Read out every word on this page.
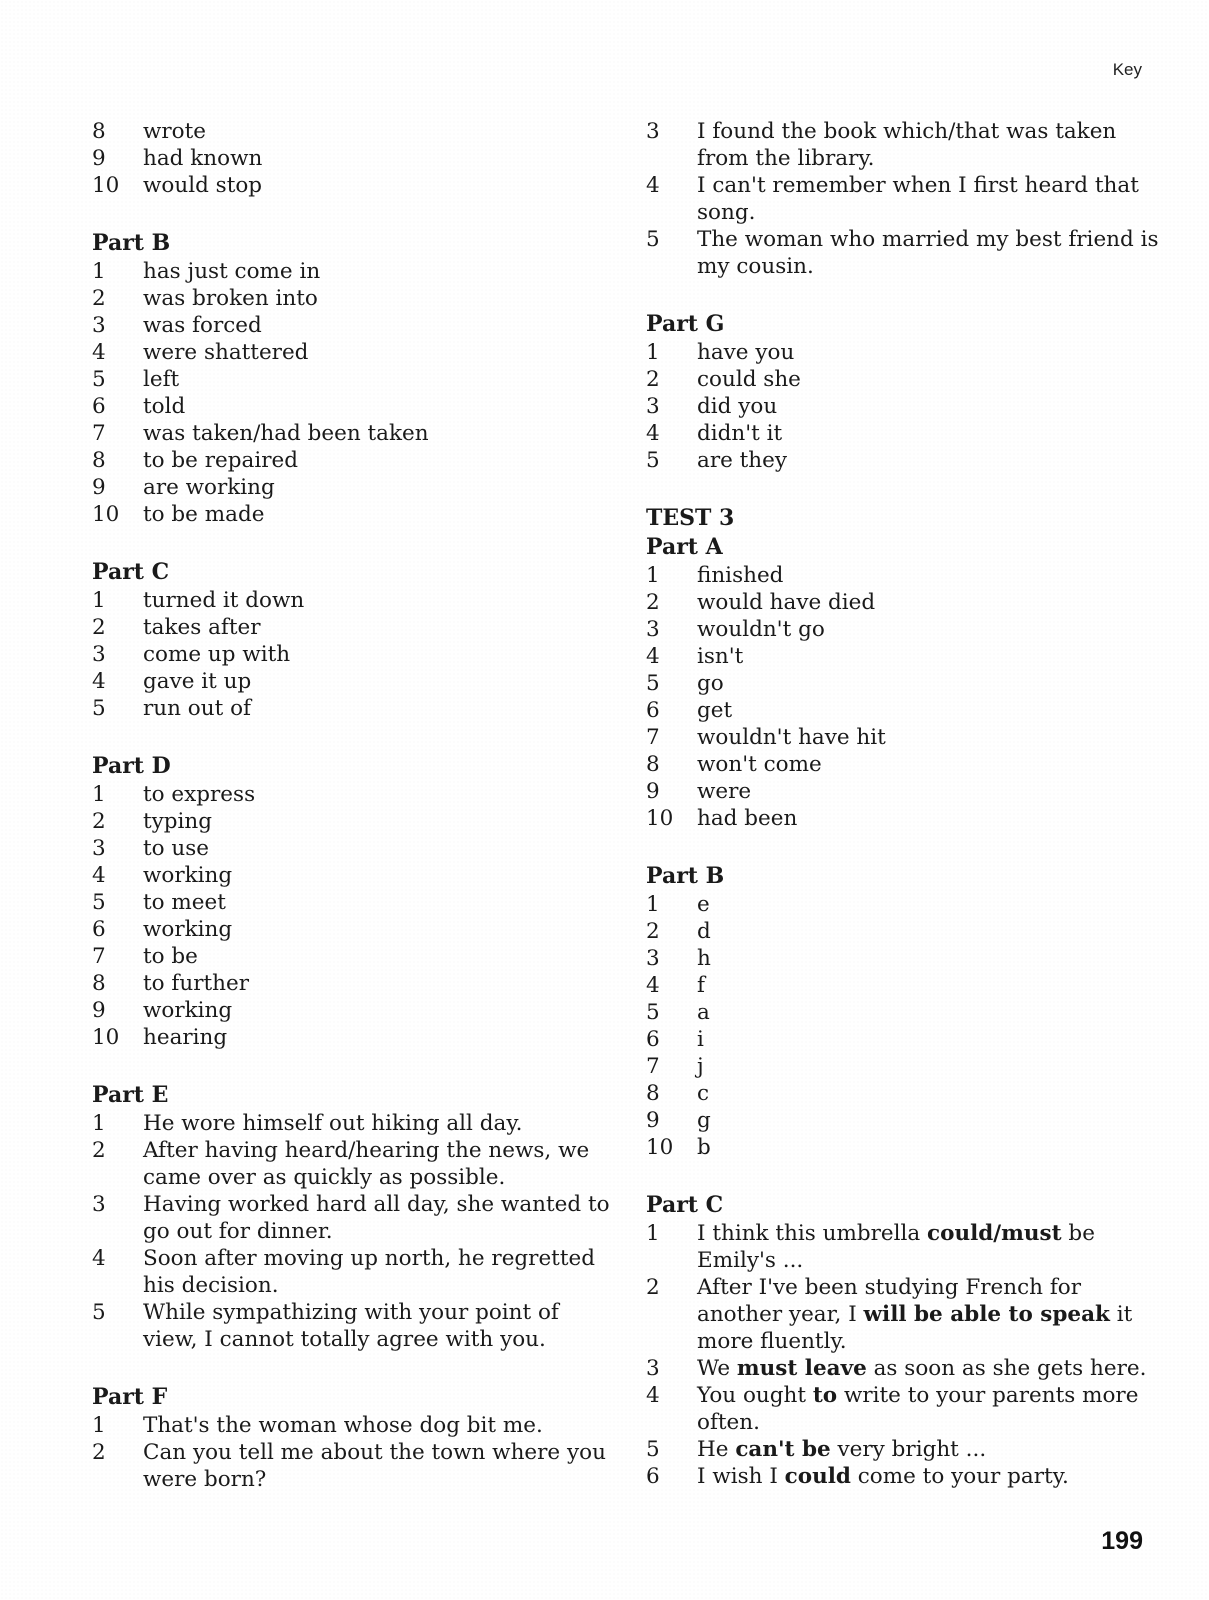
Key
8	wrote
9	had known
10	would stop
Part B
1	has just come in
2	was broken into
3	was forced
4	were shattered
5	left
6	told
7	was taken/had been taken
8	to be repaired
9	are working
10	to be made
Part C
1	turned it down
2	takes after
3	come up with
4	gave it up
5	run out of
Part D
1	to express
2	typing
3	to use
4	working
5	to meet
6	working
7	to be
8	to further
9	working
10	hearing
Part E
1	He wore himself out hiking all day.
2	After having heard/hearing the news, we came over as quickly as possible.
3	Having worked hard all day, she wanted to go out for dinner.
4	Soon after moving up north, he regretted his decision.
5	While sympathizing with your point of view, I cannot totally agree with you.
Part F
1	That's the woman whose dog bit me.
2	Can you tell me about the town where you were born?
3	I found the book which/that was taken from the library.
4	I can't remember when I first heard that song.
5	The woman who married my best friend is my cousin.
Part G
1	have you
2	could she
3	did you
4	didn't it
5	are they
TEST 3
Part A
1	finished
2	would have died
3	wouldn't go
4	isn't
5	go
6	get
7	wouldn't have hit
8	won't come
9	were
10	had been
Part B
1	e
2	d
3	h
4	f
5	a
6	i
7	j
8	c
9	g
10	b
Part C
1	I think this umbrella could/must be Emily's ...
2	After I've been studying French for another year, I will be able to speak it more fluently.
3	We must leave as soon as she gets here.
4	You ought to write to your parents more often.
5	He can't be very bright ...
6	I wish I could come to your party.
199
